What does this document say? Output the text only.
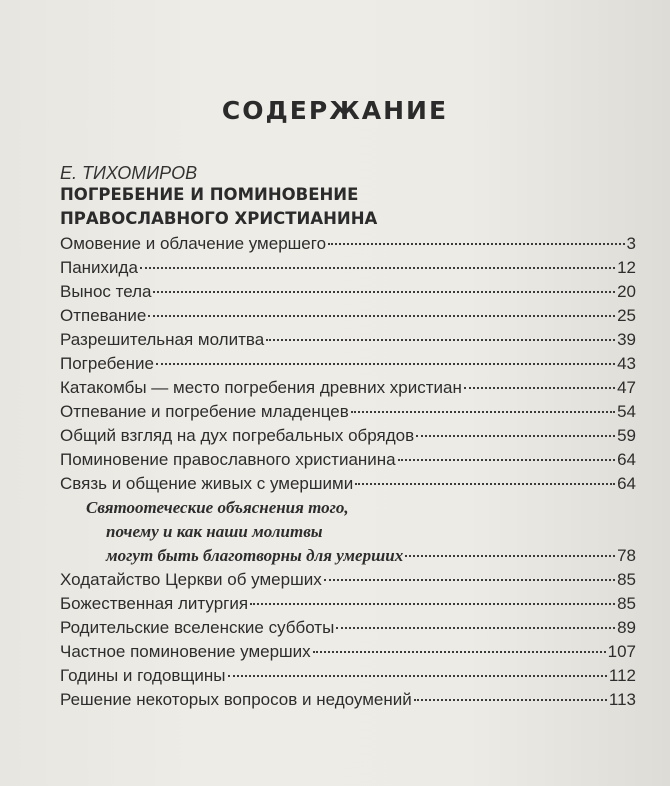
СОДЕРЖАНИЕ
Е. ТИХОМИРОВ
ПОГРЕБЕНИЕ И ПОМИНОВЕНИЕ
ПРАВОСЛАВНОГО ХРИСТИАНИНА
Омовение и облачение умершего	3
Панихида	12
Вынос тела	20
Отпевание	25
Разрешительная молитва	39
Погребение	43
Катакомбы — место погребения древних христиан	47
Отпевание и погребение младенцев	54
Общий взгляд на дух погребальных обрядов	59
Поминовение православного христианина	64
Связь и общение живых с умершими	64
Святоотеческие объяснения того,
почему и как наши молитвы
могут быть благотворны для умерших	78
Ходатайство Церкви об умерших	85
Божественная литургия	85
Родительские вселенские субботы	89
Частное поминовение умерших	107
Годины и годовщины	112
Решение некоторых вопросов и недоумений	113
